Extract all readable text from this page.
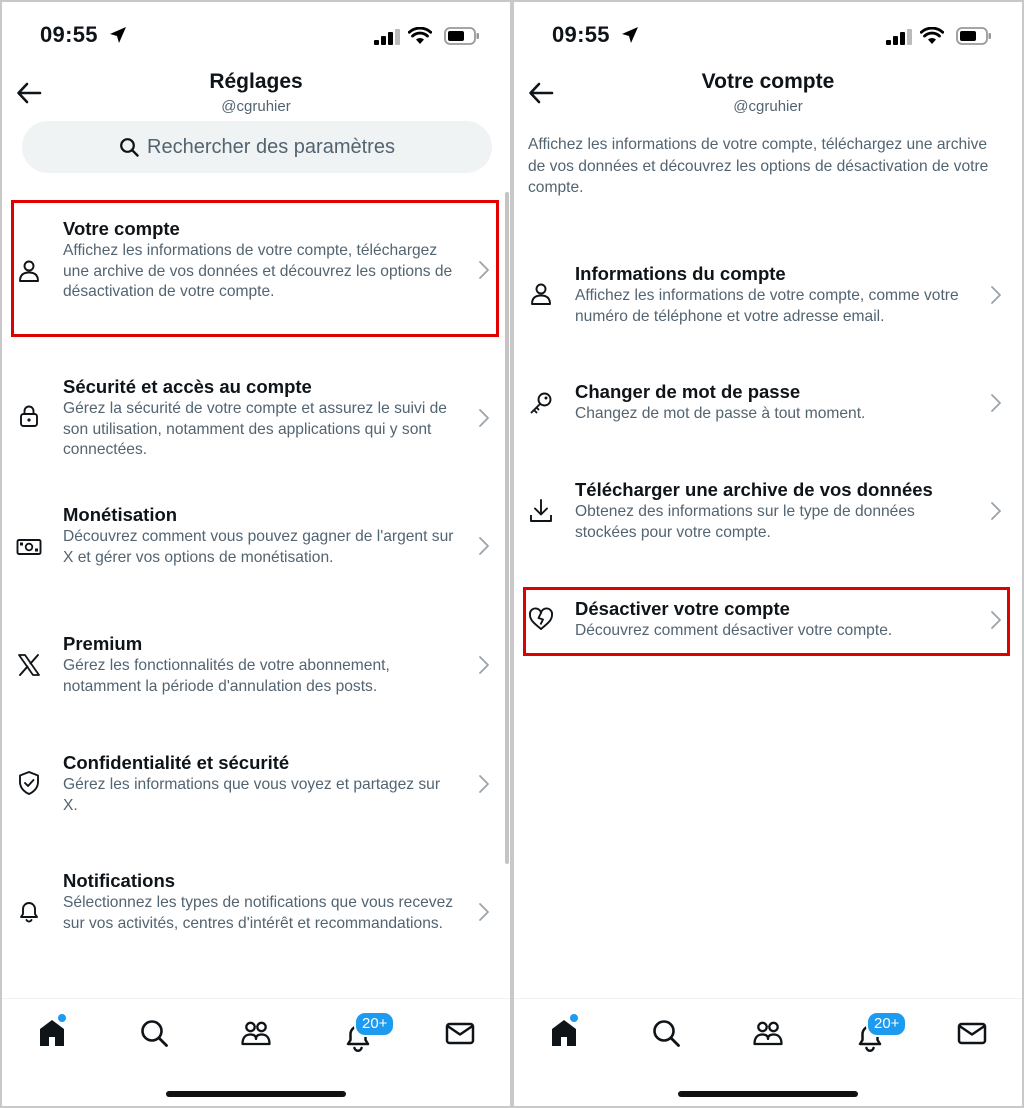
09:55
Réglages
@cgruhier
Rechercher des paramètres
Votre compte
Affichez les informations de votre compte, téléchargez une archive de vos données et découvrez les options de désactivation de votre compte.
Sécurité et accès au compte
Gérez la sécurité de votre compte et assurez le suivi de son utilisation, notamment des applications qui y sont connectées.
Monétisation
Découvrez comment vous pouvez gagner de l'argent sur X et gérer vos options de monétisation.
Premium
Gérez les fonctionnalités de votre abonnement, notamment la période d'annulation des posts.
Confidentialité et sécurité
Gérez les informations que vous voyez et partagez sur X.
Notifications
Sélectionnez les types de notifications que vous recevez sur vos activités, centres d'intérêt et recommandations.
20+
09:55
Votre compte
@cgruhier
Affichez les informations de votre compte, téléchargez une archive de vos données et découvrez les options de désactivation de votre compte.
Informations du compte
Affichez les informations de votre compte, comme votre numéro de téléphone et votre adresse email.
Changer de mot de passe
Changez de mot de passe à tout moment.
Télécharger une archive de vos données
Obtenez des informations sur le type de données stockées pour votre compte.
Désactiver votre compte
Découvrez comment désactiver votre compte.
20+
